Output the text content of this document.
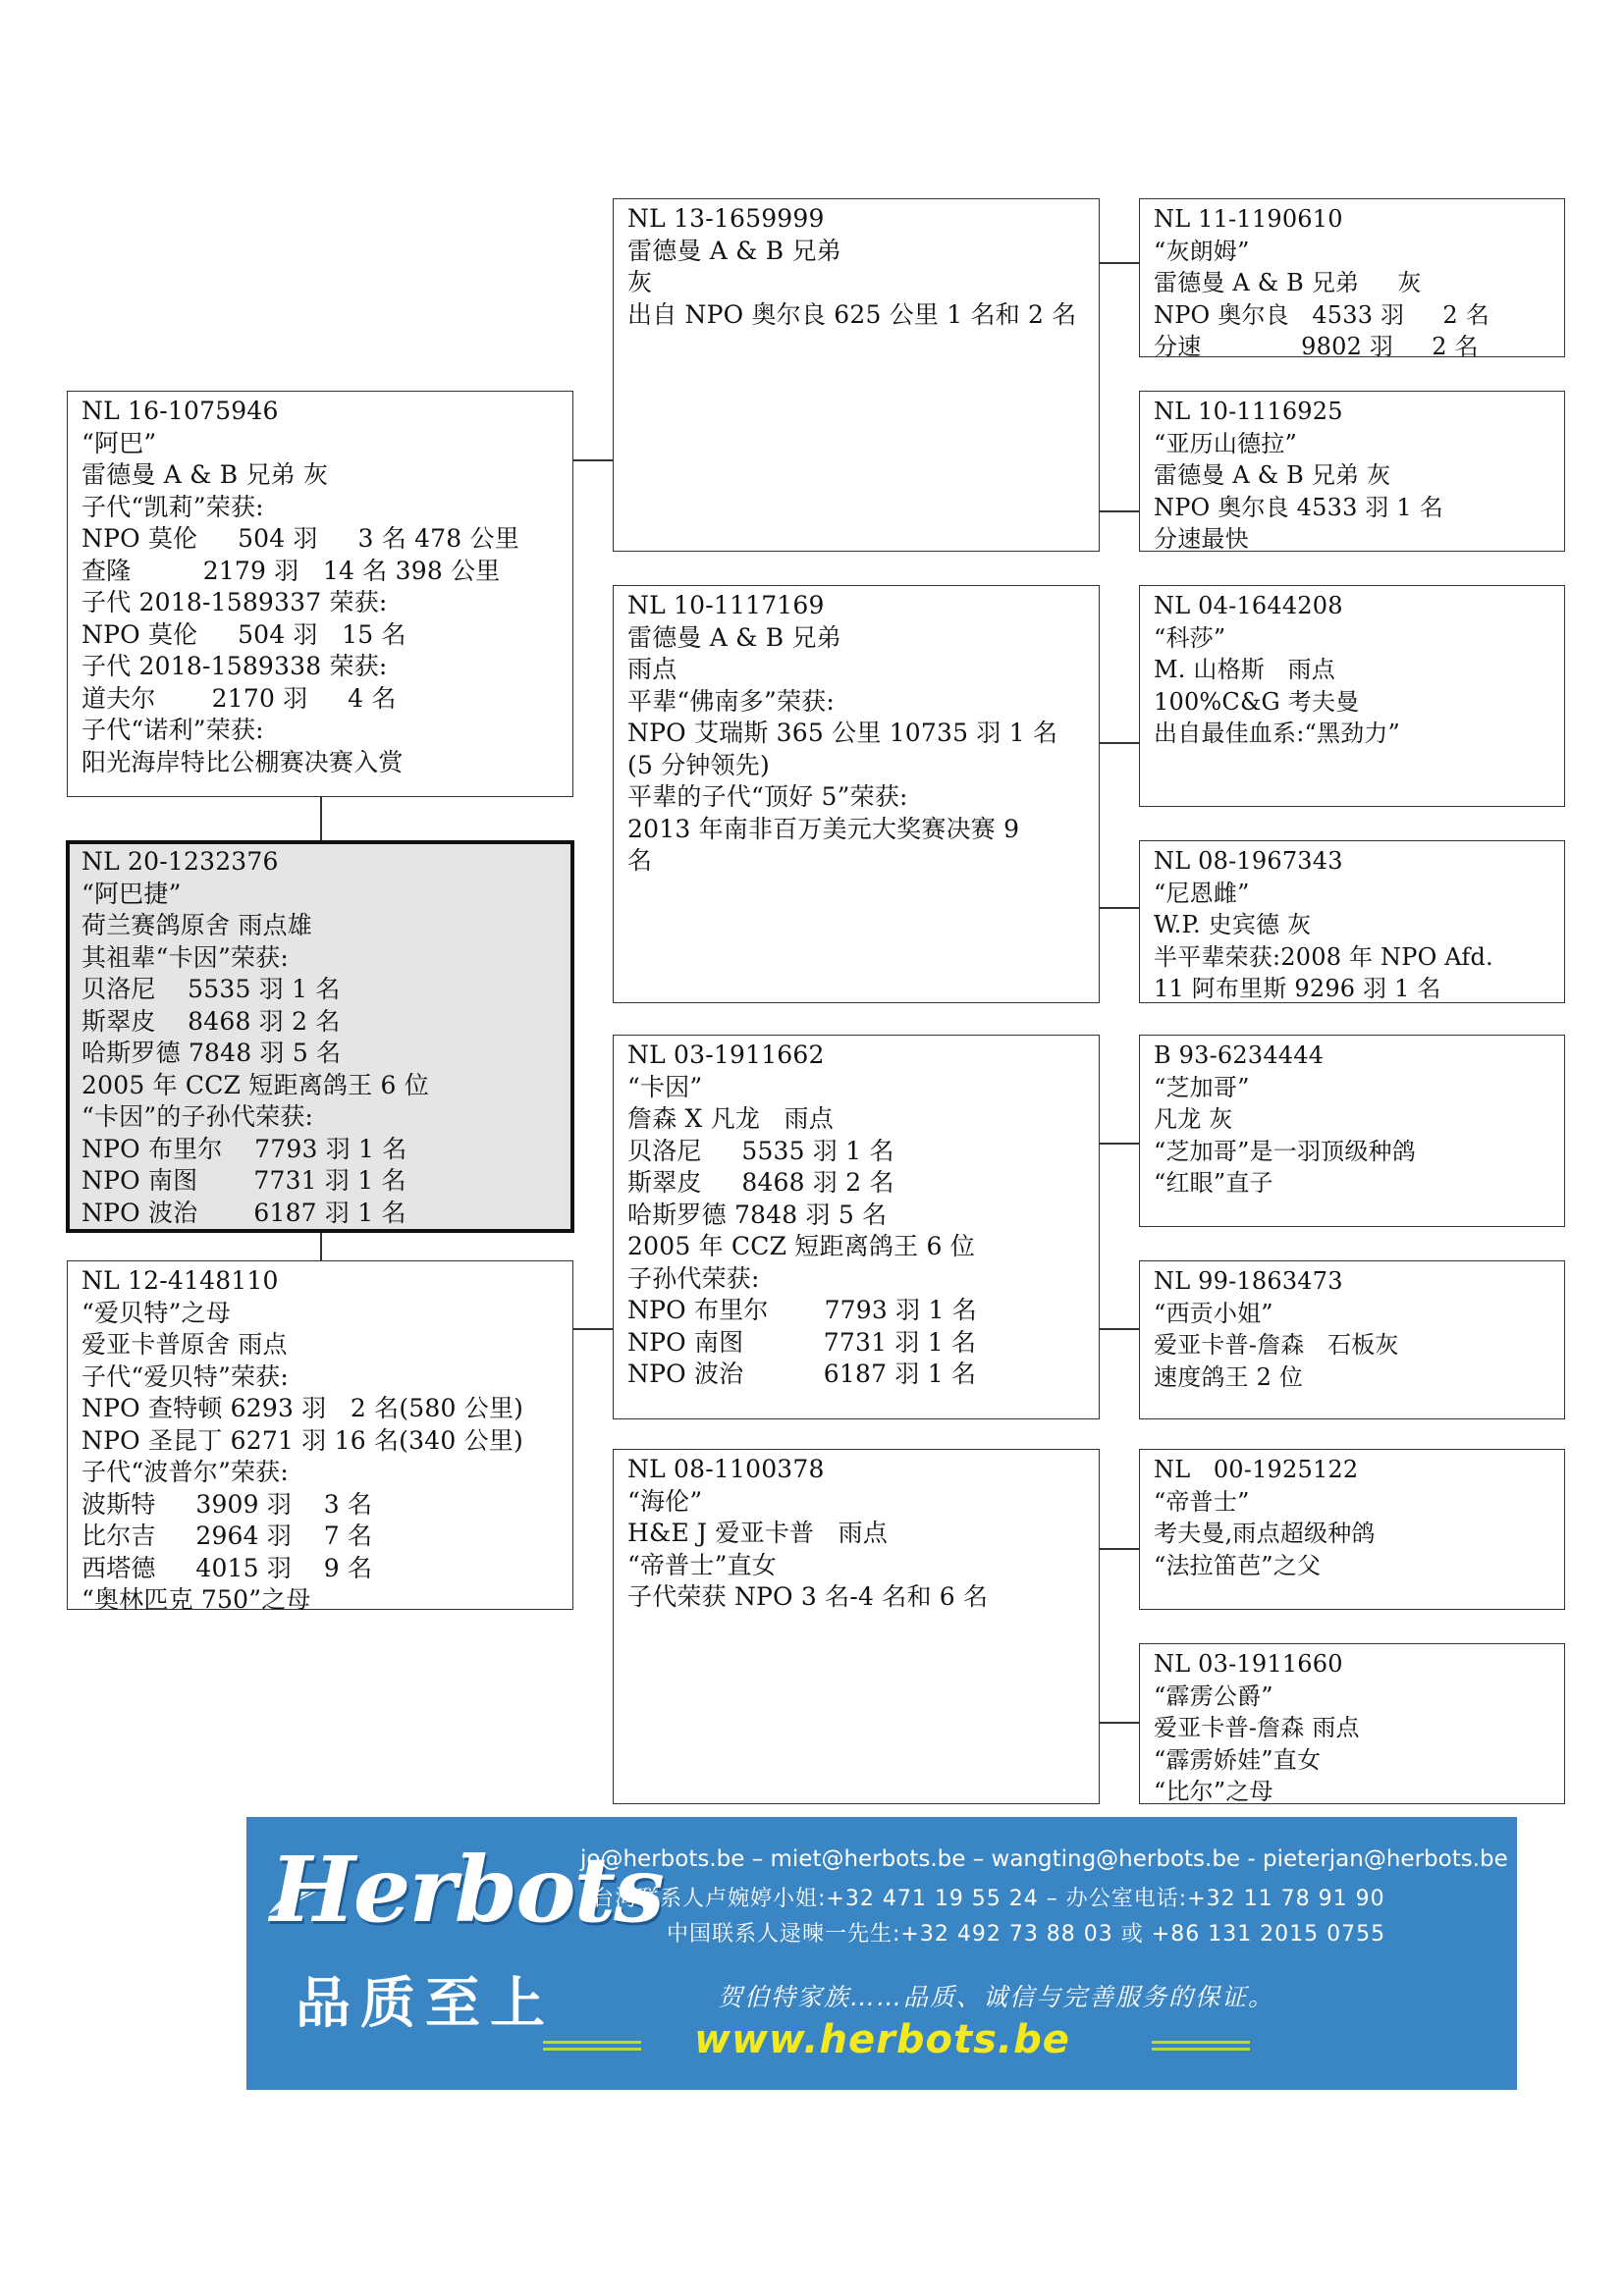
NL 20-1232376
“阿巴捷”
荷兰赛鸽原舍 雨点雄
其祖辈“卡因”荣获:
贝洛尼    5535 羽 1 名
斯翠皮    8468 羽 2 名
哈斯罗德 7848 羽 5 名
2005 年 CCZ 短距离鸽王 6 位
“卡因”的子孙代荣获:
NPO 布里尔    7793 羽 1 名
NPO 南图       7731 羽 1 名
NPO 波治       6187 羽 1 名
NL 16-1075946
“阿巴”
雷德曼 A & B 兄弟 灰
子代“凯莉”荣获:
NPO 莫伦     504 羽     3 名 478 公里
查隆         2179 羽   14 名 398 公里
子代 2018-1589337 荣获:
NPO 莫伦     504 羽   15 名
子代 2018-1589338 荣获:
道夫尔       2170 羽     4 名
子代“诺利”荣获:
阳光海岸特比公棚赛决赛入赏
NL 12-4148110
“爱贝特”之母
爱亚卡普原舍 雨点
子代“爱贝特”荣获:
NPO 查特顿 6293 羽   2 名(580 公里)
NPO 圣昆丁 6271 羽 16 名(340 公里)
子代“波普尔”荣获:
波斯特     3909 羽    3 名
比尔吉     2964 羽    7 名
西塔德     4015 羽    9 名
“奥林匹克 750”之母
NL 13-1659999
雷德曼 A & B 兄弟
灰
出自 NPO 奥尔良 625 公里 1 名和 2 名
NL 10-1117169
雷德曼 A & B 兄弟
雨点
平辈“佛南多”荣获:
NPO 艾瑞斯 365 公里 10735 羽 1 名
(5 分钟领先)
平辈的子代“顶好 5”荣获:
2013 年南非百万美元大奖赛决赛 9
名
NL 03-1911662
“卡因”
詹森 X 凡龙   雨点
贝洛尼     5535 羽 1 名
斯翠皮     8468 羽 2 名
哈斯罗德 7848 羽 5 名
2005 年 CCZ 短距离鸽王 6 位
子孙代荣获:
NPO 布里尔       7793 羽 1 名
NPO 南图          7731 羽 1 名
NPO 波治          6187 羽 1 名
NL 08-1100378
“海伦”
H&E J 爱亚卡普   雨点
“帝普士”直女
子代荣获 NPO 3 名-4 名和 6 名
NL 11-1190610
“灰朗姆”
雷德曼 A & B 兄弟     灰
NPO 奥尔良   4533 羽     2 名
分速             9802 羽     2 名
NL 10-1116925
“亚历山德拉”
雷德曼 A & B 兄弟 灰
NPO 奥尔良 4533 羽 1 名
分速最快
NL 04-1644208
“科莎”
M. 山格斯   雨点
100%C&G 考夫曼
出自最佳血系:“黑劲力”
NL 08-1967343
“尼恩雌”
W.P. 史宾德 灰
半平辈荣获:2008 年 NPO Afd.
11 阿布里斯 9296 羽 1 名
B 93-6234444
“芝加哥”
凡龙 灰
“芝加哥”是一羽顶级种鸽
“红眼”直子
NL 99-1863473
“西贡小姐”
爱亚卡普-詹森   石板灰
速度鸽王 2 位
NL   00-1925122
“帝普士”
考夫曼,雨点超级种鸽
“法拉笛芭”之父
NL 03-1911660
“霹雳公爵”
爱亚卡普-詹森 雨点
“霹雳娇娃”直女
“比尔”之母
Herbots
品质至上
jo@herbots.be – miet@herbots.be – wangting@herbots.be - pieterjan@herbots.be
台湾联系人卢婉婷小姐:+32 471 19 55 24 – 办公室电话:+32 11 78 91 90
中国联系人逯暕一先生:+32 492 73 88 03 或 +86 131 2015 0755
贺伯特家族……品质、诚信与完善服务的保证。
www.herbots.be
